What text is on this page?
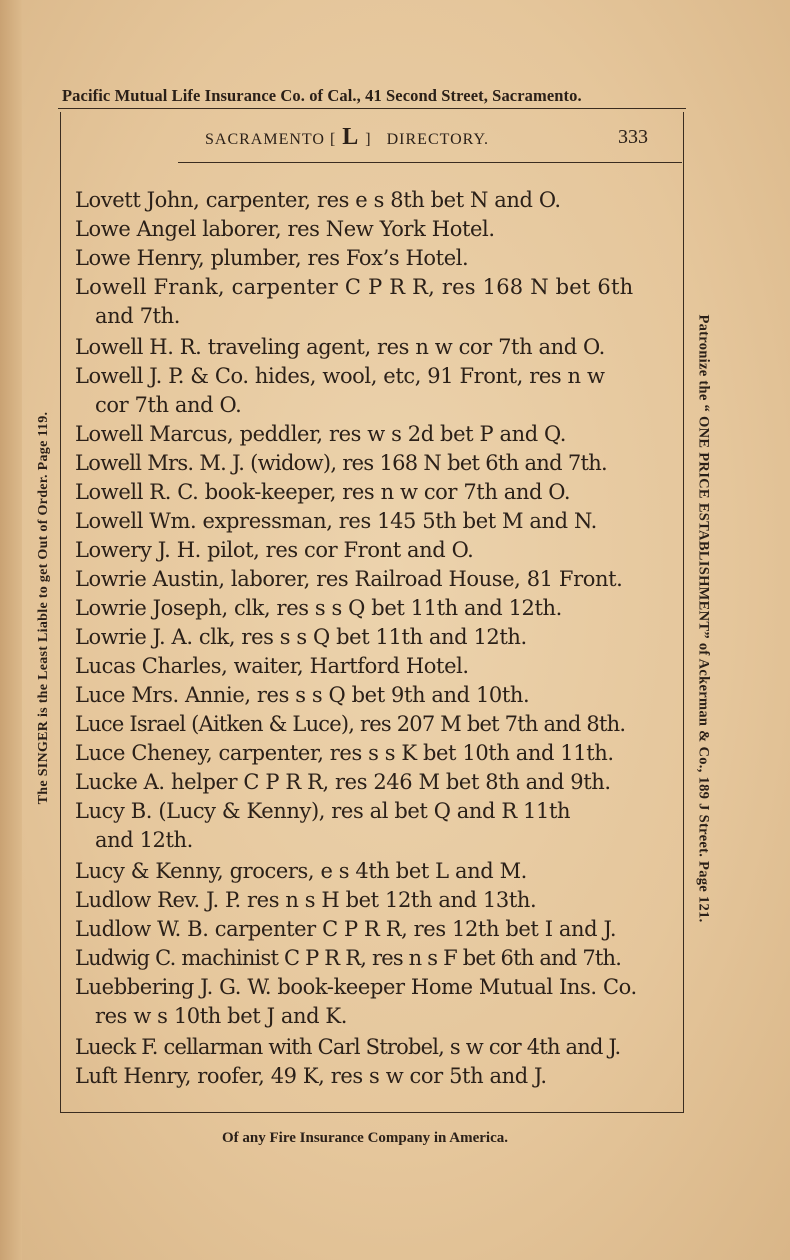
Pacific Mutual Life Insurance Co. of Cal., 41 Second Street, Sacramento.
SACRAMENTO [ L ] DIRECTORY.	333
Lovett John, carpenter, res e s 8th bet N and O.
Lowe Angel laborer, res New York Hotel.
Lowe Henry, plumber, res Fox’s Hotel.
Lowell Frank, carpenter C P R R, res 168 N bet 6th
and 7th.
Lowell H. R. traveling agent, res n w cor 7th and O.
Lowell J. P. & Co. hides, wool, etc, 91 Front, res n w
cor 7th and O.
Lowell Marcus, peddler, res w s 2d bet P and Q.
Lowell Mrs. M. J. (widow), res 168 N bet 6th and 7th.
Lowell R. C. book-keeper, res n w cor 7th and O.
Lowell Wm. expressman, res 145 5th bet M and N.
Lowery J. H. pilot, res cor Front and O.
Lowrie Austin, laborer, res Railroad House, 81 Front.
Lowrie Joseph, clk, res s s Q bet 11th and 12th.
Lowrie J. A. clk, res s s Q bet 11th and 12th.
Lucas Charles, waiter, Hartford Hotel.
Luce Mrs. Annie, res s s Q bet 9th and 10th.
Luce Israel (Aitken & Luce), res 207 M bet 7th and 8th.
Luce Cheney, carpenter, res s s K bet 10th and 11th.
Lucke A. helper C P R R, res 246 M bet 8th and 9th.
Lucy B. (Lucy & Kenny), res al bet Q and R 11th
and 12th.
Lucy & Kenny, grocers, e s 4th bet L and M.
Ludlow Rev. J. P. res n s H bet 12th and 13th.
Ludlow W. B. carpenter C P R R, res 12th bet I and J.
Ludwig C. machinist C P R R, res n s F bet 6th and 7th.
Luebbering J. G. W. book-keeper Home Mutual Ins. Co.
res w s 10th bet J and K.
Lueck F. cellarman with Carl Strobel, s w cor 4th and J.
Luft Henry, roofer, 49 K, res s w cor 5th and J.
The SINGER is the Least Liable to get Out of Order. Page 119.	Patronize the “ ONE PRICE ESTABLISHMENT” of Ackerman & Co., 189 J Street. Page 121.
Of any Fire Insurance Company in America.
